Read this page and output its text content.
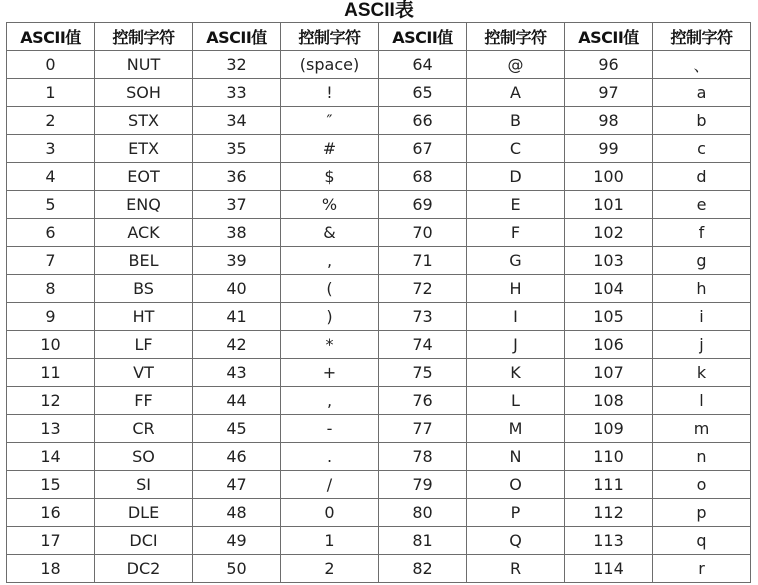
ASCII表
ASCII值	控制字符	ASCII值	控制字符	ASCII值	控制字符	ASCII值	控制字符
0	NUT	32	(space)	64	@	96	、
1	SOH	33	!	65	A	97	a
2	STX	34	″	66	B	98	b
3	ETX	35	#	67	C	99	c
4	EOT	36	$	68	D	100	d
5	ENQ	37	%	69	E	101	e
6	ACK	38	&	70	F	102	f
7	BEL	39	,	71	G	103	g
8	BS	40	(	72	H	104	h
9	HT	41	)	73	I	105	i
10	LF	42	*	74	J	106	j
11	VT	43	+	75	K	107	k
12	FF	44	,	76	L	108	l
13	CR	45	-	77	M	109	m
14	SO	46	.	78	N	110	n
15	SI	47	/	79	O	111	o
16	DLE	48	0	80	P	112	p
17	DCI	49	1	81	Q	113	q
18	DC2	50	2	82	R	114	r
